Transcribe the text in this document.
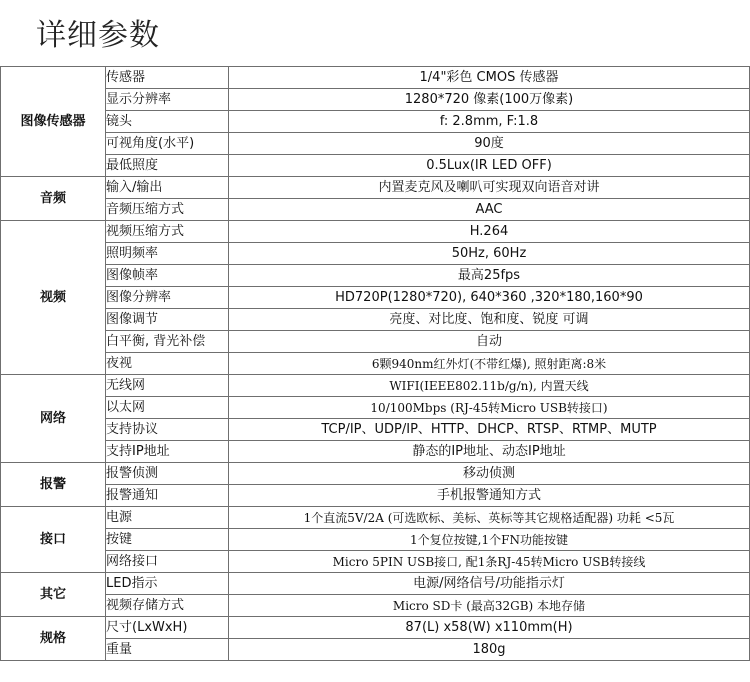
详细参数
图像传感器	传感器	1/4"彩色 CMOS 传感器
	显示分辨率	1280*720 像素(100万像素)
	镜头	f: 2.8mm, F:1.8
	可视角度(水平)	90度
	最低照度	0.5Lux(IR LED OFF)
音频	输入/输出	内置麦克风及喇叭可实现双向语音对讲
	音频压缩方式	AAC
视频	视频压缩方式	H.264
	照明频率	50Hz, 60Hz
	图像帧率	最高25fps
	图像分辨率	HD720P(1280*720), 640*360 ,320*180,160*90
	图像调节	亮度、对比度、饱和度、锐度 可调
	白平衡, 背光补偿	自动
	夜视	6颗940nm红外灯(不带红爆), 照射距离:8米
网络	无线网	WIFI(IEEE802.11b/g/n), 内置天线
	以太网	10/100Mbps (RJ-45转Micro USB转接口)
	支持协议	TCP/IP、UDP/IP、HTTP、DHCP、RTSP、RTMP、MUTP
	支持IP地址	静态的IP地址、动态IP地址
报警	报警侦测	移动侦测
	报警通知	手机报警通知方式
接口	电源	1个直流5V/2A (可选欧标、美标、英标等其它规格适配器) 功耗 <5瓦
	按键	1个复位按键,1个FN功能按键
	网络接口	Micro 5PIN USB接口, 配1条RJ-45转Micro USB转接线
其它	LED指示	电源/网络信号/功能指示灯
	视频存储方式	Micro SD卡 (最高32GB) 本地存储
规格	尺寸(LxWxH)	87(L) x58(W) x110mm(H)
	重量	180g
